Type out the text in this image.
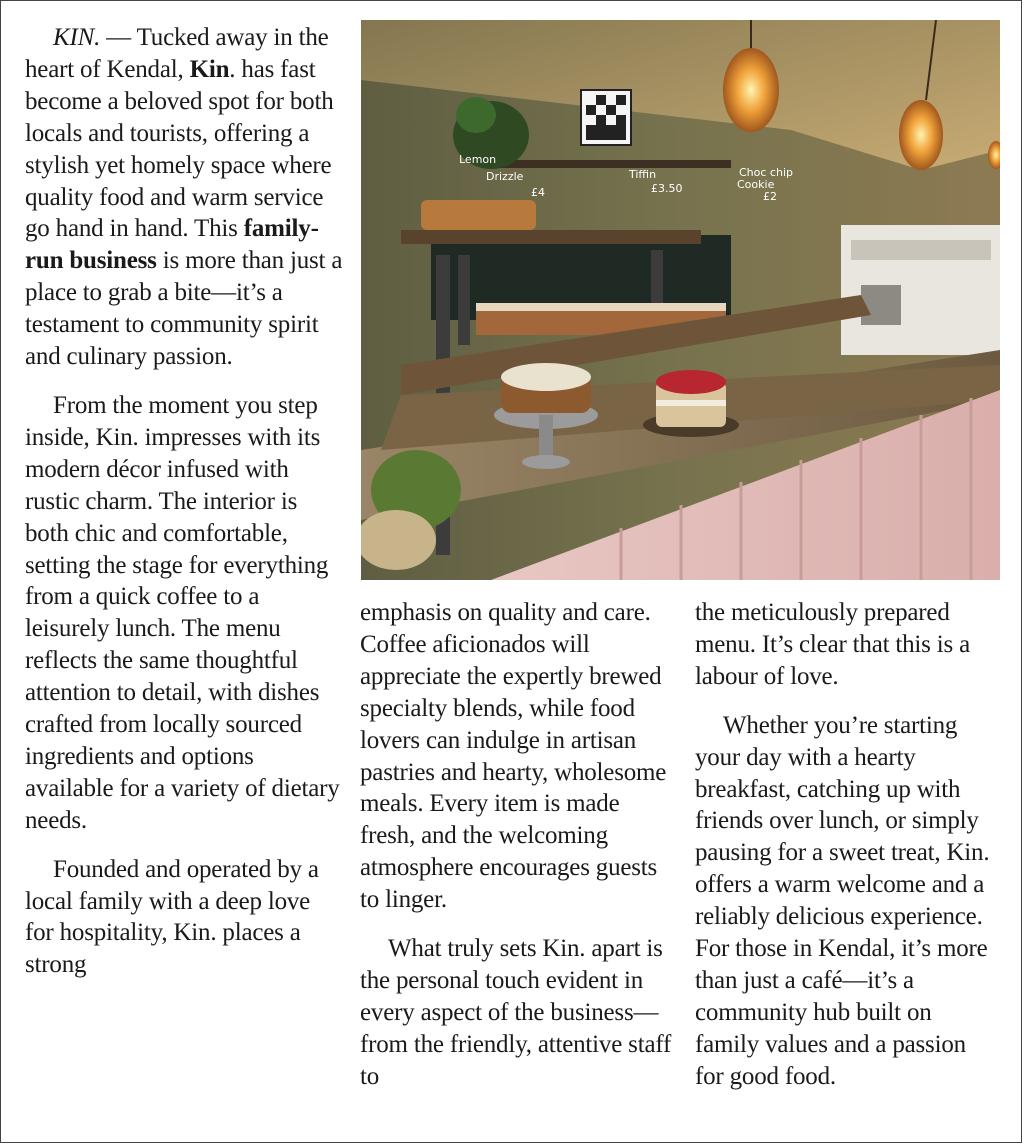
KIN. — Tucked away in the heart of Kendal, Kin. has fast become a beloved spot for both locals and tourists, offering a stylish yet homely space where quality food and warm service go hand in hand. This family-run business is more than just a place to grab a bite—it’s a testament to community spirit and culinary passion.

From the moment you step inside, Kin. impresses with its modern décor infused with rustic charm. The interior is both chic and comfortable, setting the stage for everything from a quick coffee to a leisurely lunch. The menu reflects the same thoughtful attention to detail, with dishes crafted from locally sourced ingredients and options available for a variety of dietary needs.

Founded and operated by a local family with a deep love for hospitality, Kin. places a strong

Lemon
Drizzle
£4
Tiffin
£3.50
Choc chip
Cookie
£2

emphasis on quality and care. Coffee aficionados will appreciate the expertly brewed specialty blends, while food lovers can indulge in artisan pastries and hearty, wholesome meals. Every item is made fresh, and the welcoming atmosphere encourages guests to linger.

What truly sets Kin. apart is the personal touch evident in every aspect of the business—from the friendly, attentive staff to

the meticulously prepared menu. It’s clear that this is a labour of love.

Whether you’re starting your day with a hearty breakfast, catching up with friends over lunch, or simply pausing for a sweet treat, Kin. offers a warm welcome and a reliably delicious experience. For those in Kendal, it’s more than just a café—it’s a community hub built on family values and a passion for good food.
